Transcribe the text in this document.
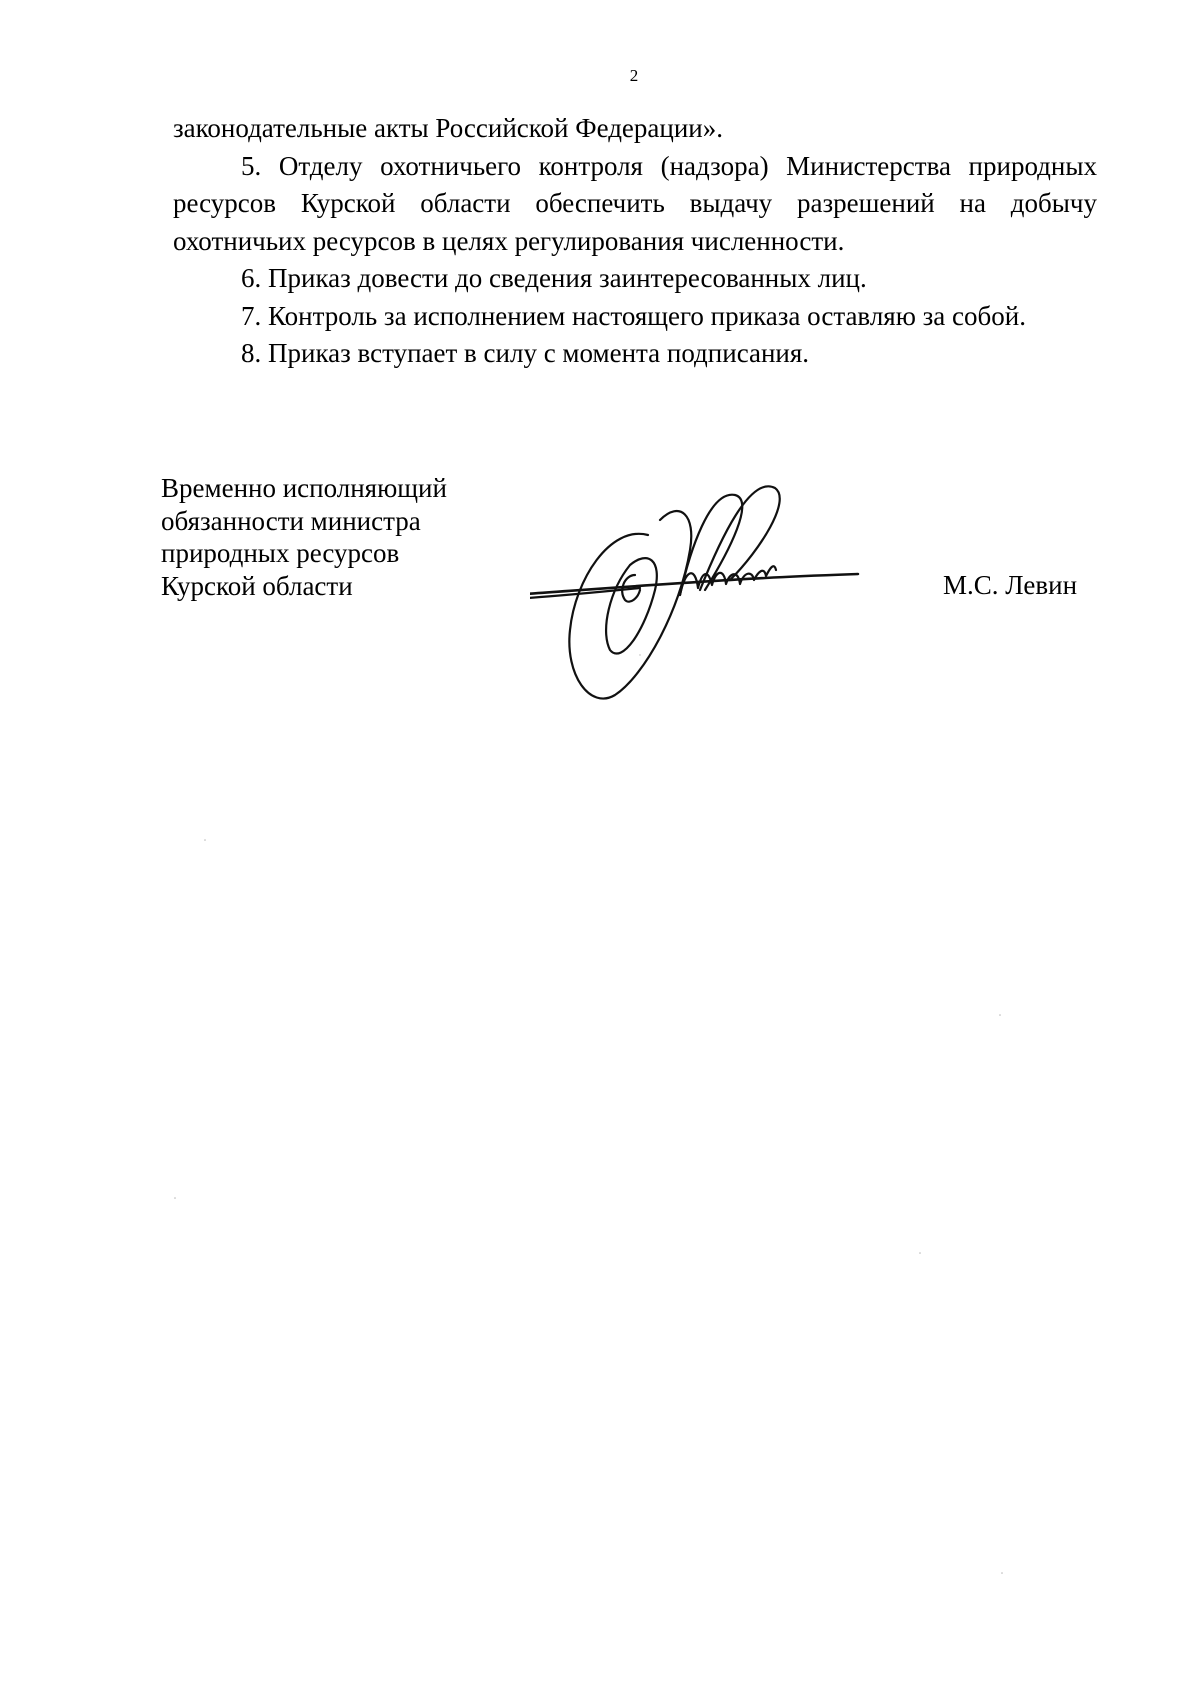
2

законодательные акты Российской Федерации».

5. Отделу охотничьего контроля (надзора) Министерства природных ресурсов Курской области обеспечить выдачу разрешений на добычу охотничьих ресурсов в целях регулирования численности.

6. Приказ довести до сведения заинтересованных лиц.

7. Контроль за исполнением настоящего приказа оставляю за собой.

8. Приказ вступает в силу с момента подписания.

Временно исполняющий
обязанности министра
природных ресурсов
Курской области	М.С. Левин
